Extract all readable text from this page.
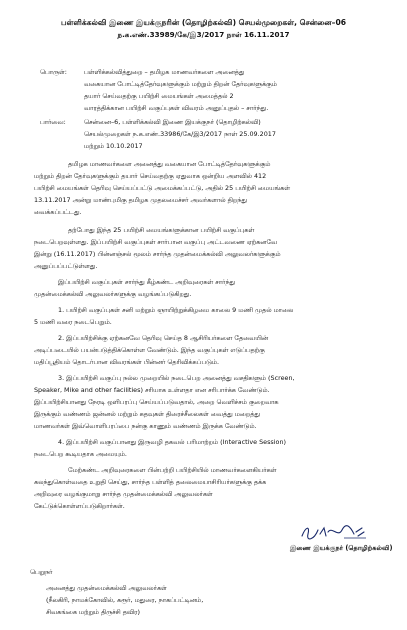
பள்ளிக்கல்வி இணை இயக்குநரின் (தொழிற்கல்வி) செயல்முறைகள், சென்னை–06
ந.க.எண்.33989/கே/இ3/2017 நாள் 16.11.2017
பொருள்:	பள்ளிக்கல்வித்துறை – தமிழக மாணவர்களை அனைத்து
வகையான போட்டித்தேர்வுகளுக்கும் மற்றும் திறன் தேர்வுகளுக்கும்
தயார் செய்வதற்கு பயிற்சி மையங்கள் அமைத்தல் 2
வாரத்திக்கான பயிற்சி வகுப்புகள் விவரம் அனுப்புதல் – சார்ந்து.
பார்வை:	சென்னை–6, பள்ளிக்கல்வி இணை இயக்குநர் (தொழிற்கல்வி)
செயல்முறைகள் ந.க.எண்.33986/கே/இ3/2017 நாள் 25.09.2017
மற்றும் 10.10.2017
தமிழக மாணவர்களை அனைத்து வகையான போட்டித்தேர்வுகளுக்கும்
மற்றும் திறன் தேர்வுகளுக்கும் தயார் செய்வதற்கு ஏதுவாக ஒன்றிய அளவில் 412
பயிற்சி மையங்கள் தெரிவு செய்யப்பட்டு அமைக்கப்பட்டு, அதில் 25 பயிற்சி மையங்கள்
13.11.2017 அன்று மாண்புமிகு தமிழக முதலமைச்சர் அவர்களால் திறந்து
வைக்கப்பட்டது.
தற்போது இந்த 25 பயிற்சி மையங்களுக்கான பயிற்சி வகுப்புகள்
நடைபெறவுள்ளது. இப்பயிற்சி வகுப்புகள் சார்பான வகுப்பு அட்டவணை ஏற்கனவே
இன்று (16.11.2017) பின்னஞ்சல் மூலம் சார்ந்த முதன்மைக்கல்வி அலுவலர்களுக்கும்
அனுப்பப்பட்டுள்ளது.
இப்பயிற்சி வகுப்புகள் சார்ந்து கீழ்கண்ட அறிவுரைகள் சார்ந்து
முதன்மைக்கல்வி அலுவலர்களுக்கு வழங்கப்படுகிறது.
1. பயிற்சி வகுப்புகள் சனி மற்றும் ஞாயிற்றுக்கிழமை காலை 9 மணி முதல் மாலை
5 மணி வரை நடைபெறும்.
2. இப்பயிற்சிக்கு ஏற்கனவே தெரிவு செய்த 8 ஆசிரியர்களை தேவையின்
அடிப்படையில் பயன்படுத்திக்கொள்ள வேண்டும். இந்த வகுப்புகள் எடுப்பதற்கு
மதிப்பூதியம் தொடர்பான விவரங்கள் பின்னர் தெரிவிக்கப்படும்.
3. இப்பயிற்சி வகுப்பு நல்ல முறையில் நடைபெற அனைத்து வசதிகளும் (Screen,
Speaker, Mike and other facilities) சரியாக உள்ளதா என சரிபார்க்க வேண்டும்.
இப்பயிற்சியானது நேரடி ஒளிபரப்பு செய்யப்படுவதால், அறை வெளிச்சம் குறைவாக
இருக்கும் வண்ணம் ஜன்னல் மற்றும் கதவுகள் திரைச்சீலைகள் வைத்து மறைத்து
மாணவர்கள் இவ்வொளிபரப்பை நன்கு காணும் வண்ணம் இருக்க வேண்டும்.
4. இப்பயிற்சி வகுப்பானது இருவழி தகவல் பரிமாற்றம் (Interactive Session)
நடைபெற கூடியதாக அமையும்.
மேற்கண்ட அறிவுரைகளை பின்பற்றி பயிற்சியில் மாணவர்களைகியர்கள்
கலந்துகொள்வதை உறுதி செய்து, சார்ந்த பள்ளித் தலைமையாசிரியர்களுக்கு தக்க
அறிவுரை வழங்குமாறு சார்ந்த முதன்மைக்கல்வி அலுவலர்கள்
கேட்டுக்கொள்ளப்படுகிறார்கள்.
இணை இயக்குநர் (தொழிற்கல்வி)
பெறுநர்
அனைத்து முதன்மைக்கல்வி அலுவலர்கள்
(நீலகிரி, நாமக்கோவில், கரூர், மதுரை, நாகப்பட்டினம்,
சிவகங்கை மற்றும் திருச்சி தவிர)
